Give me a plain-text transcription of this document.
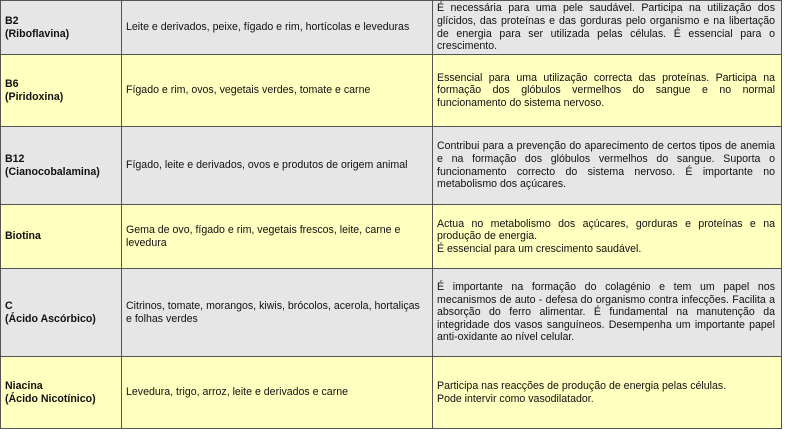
B2
(Riboflavina)	Leite e derivados, peixe, fígado e rim, hortícolas e leveduras	É necessária para uma pele saudável. Participa na utilização dos glícidos, das proteínas e das gorduras pelo organismo e na libertação de energia para ser utilizada pelas células. É essencial para o crescimento.

B6
(Piridoxina)	Fígado e rim, ovos, vegetais verdes, tomate e carne	Essencial para uma utilização correcta das proteínas. Participa na formação dos glóbulos vermelhos do sangue e no normal funcionamento do sistema nervoso.

B12
(Cianocobalamina)	Fígado, leite e derivados, ovos e produtos de origem animal	Contribui para a prevenção do aparecimento de certos tipos de anemia e na formação dos glóbulos vermelhos do sangue. Suporta o funcionamento correcto do sistema nervoso. É importante no metabolismo dos açúcares.

Biotina	Gema de ovo, fígado e rim, vegetais frescos, leite, carne e levedura	Actua no metabolismo dos açúcares, gorduras e proteínas e na produção de energia.
É essencial para um crescimento saudável.

C
(Ácido Ascórbico)	Citrinos, tomate, morangos, kiwis, brócolos, acerola, hortaliças e folhas verdes	É importante na formação do colagénio e tem um papel nos mecanismos de auto - defesa do organismo contra infecções. Facilita a absorção do ferro alimentar. É fundamental na manutenção da integridade dos vasos sanguíneos. Desempenha um importante papel anti-oxidante ao nível celular.

Niacina
(Ácido Nicotínico)	Levedura, trigo, arroz, leite e derivados e carne	Participa nas reacções de produção de energia pelas células.
Pode intervir como vasodilatador.
